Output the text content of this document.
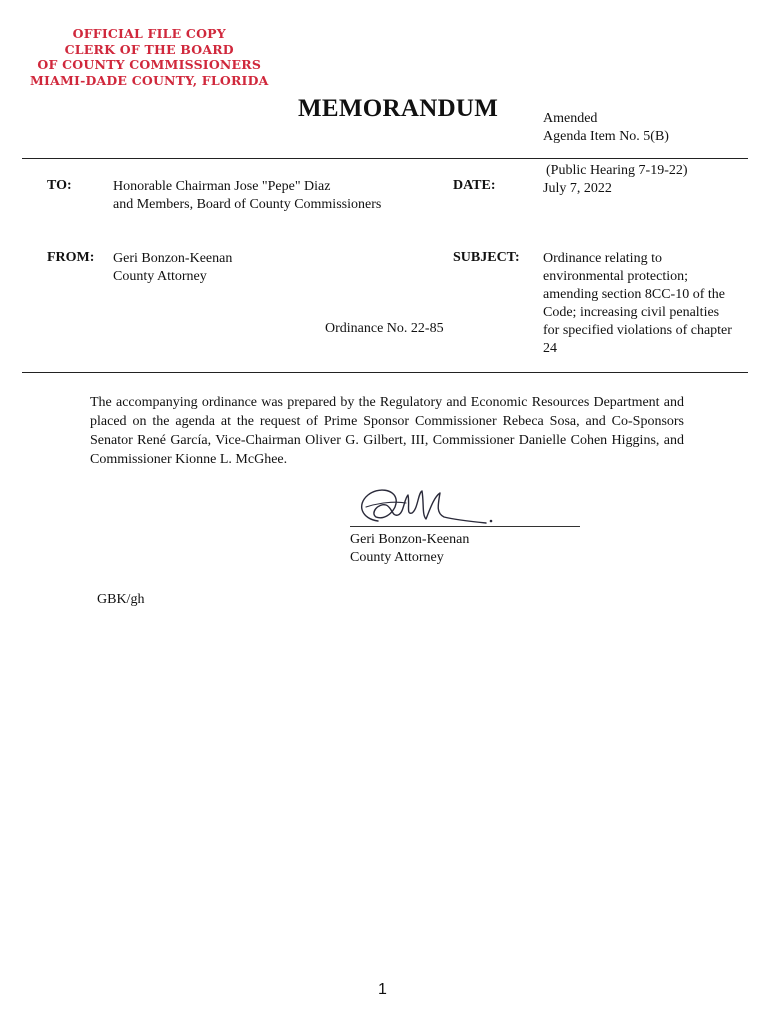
OFFICIAL FILE COPY
CLERK OF THE BOARD
OF COUNTY COMMISSIONERS
MIAMI-DADE COUNTY, FLORIDA
MEMORANDUM	Amended
Agenda Item No. 5(B)
TO:	Honorable Chairman Jose "Pepe" Diaz
and Members, Board of County Commissioners
DATE:
(Public Hearing 7-19-22)
July 7, 2022
FROM: Geri Bonzon-Keenan
County Attorney
SUBJECT: Ordinance relating to
environmental protection;
amending section 8CC-10 of the
Code; increasing civil penalties
for specified violations of chapter
24
Ordinance No. 22-85
The accompanying ordinance was prepared by the Regulatory and Economic Resources Department and placed on the agenda at the request of Prime Sponsor Commissioner Rebeca Sosa, and Co-Sponsors Senator René García, Vice-Chairman Oliver G. Gilbert, III, Commissioner Danielle Cohen Higgins, and Commissioner Kionne L. McGhee.
Geri Bonzon-Keenan
County Attorney
GBK/gh
1
